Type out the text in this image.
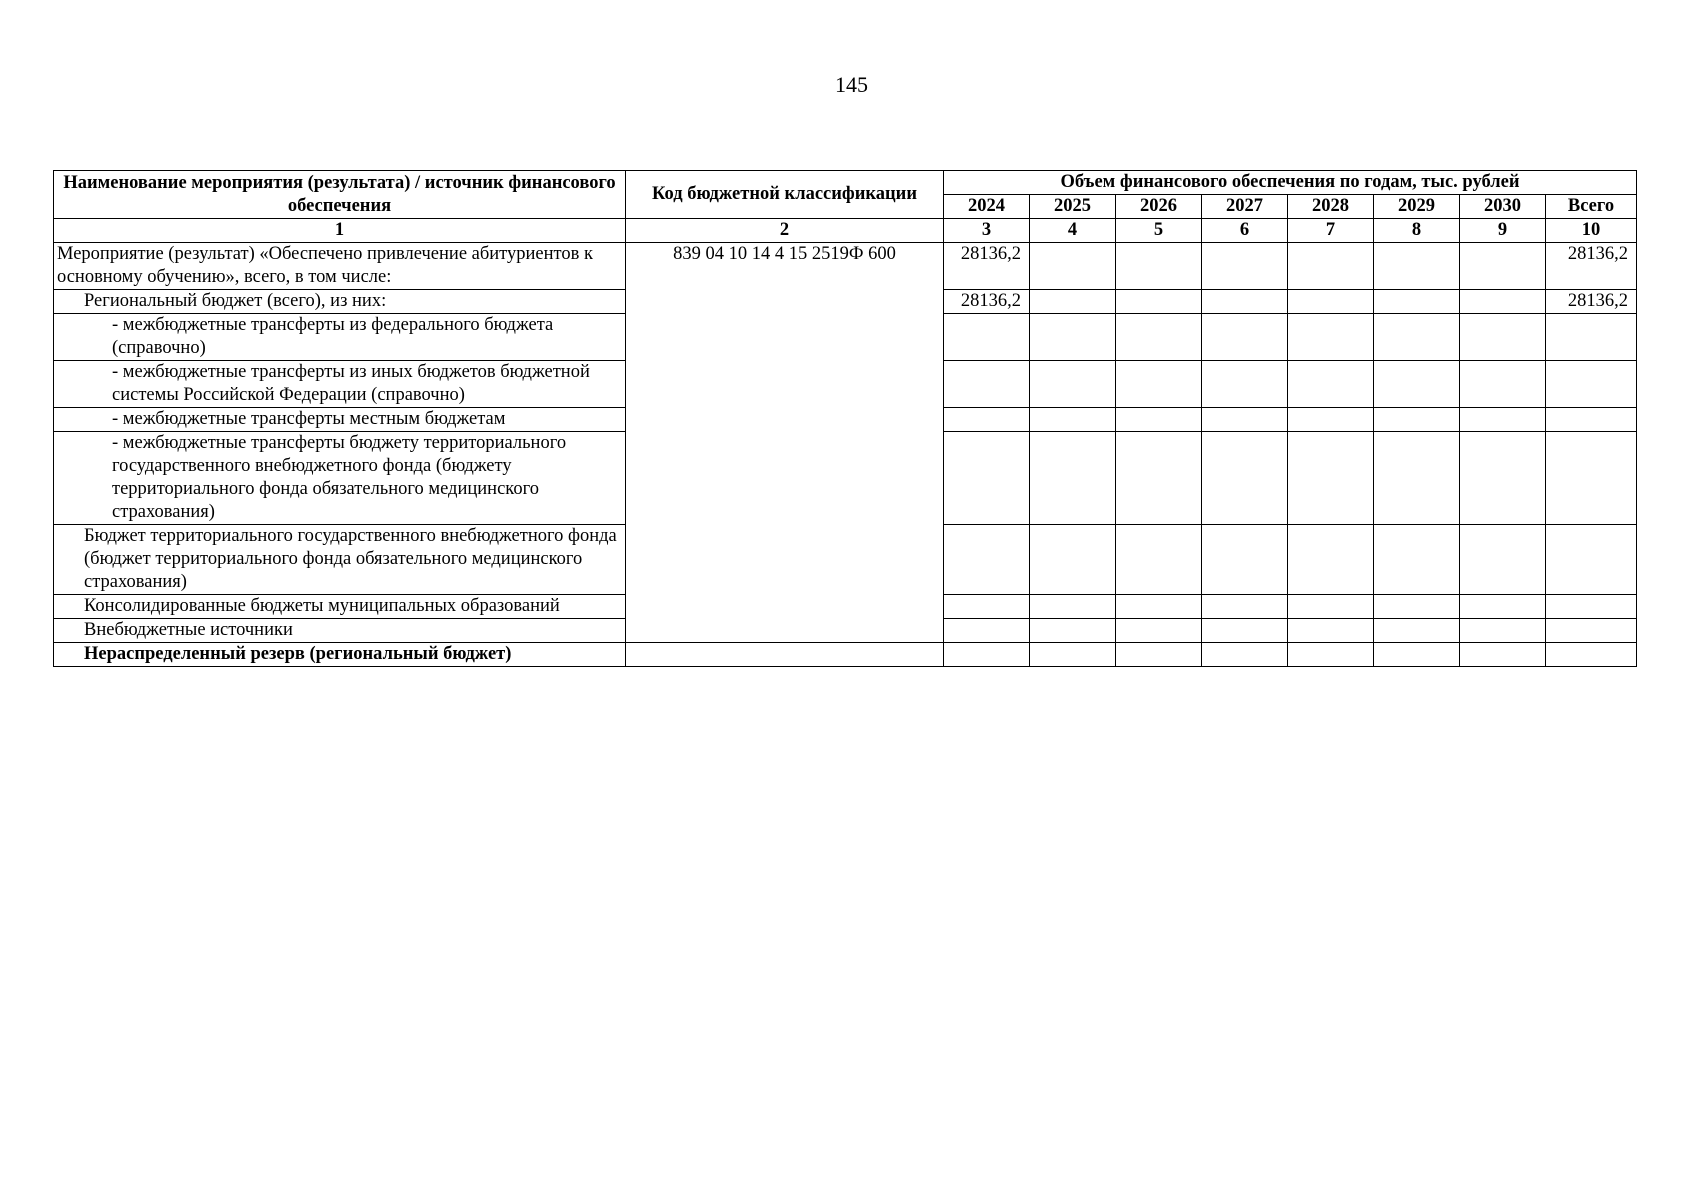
145
Наименование мероприятия (результата) / источник финансового обеспечения	Код бюджетной классификации	Объем финансового обеспечения по годам, тыс. рублей							
		2024	2025	2026	2027	2028	2029	2030	Всего
1	2	3	4	5	6	7	8	9	10
Мероприятие (результат) «Обеспечено привлечение абитуриентов к основному обучению», всего, в том числе:	839 04 10 14 4 15 2519Ф 600	28136,2							28136,2
Региональный бюджет (всего), из них:		28136,2							28136,2
- межбюджетные трансферты из федерального бюджета (справочно)									
- межбюджетные трансферты из иных бюджетов бюджетной системы Российской Федерации (справочно)									
- межбюджетные трансферты местным бюджетам									
- межбюджетные трансферты бюджету территориального государственного внебюджетного фонда (бюджету территориального фонда обязательного медицинского страхования)									
Бюджет территориального государственного внебюджетного фонда (бюджет территориального фонда обязательного медицинского страхования)									
Консолидированные бюджеты муниципальных образований									
Внебюджетные источники									
Нераспределенный резерв (региональный бюджет)									
